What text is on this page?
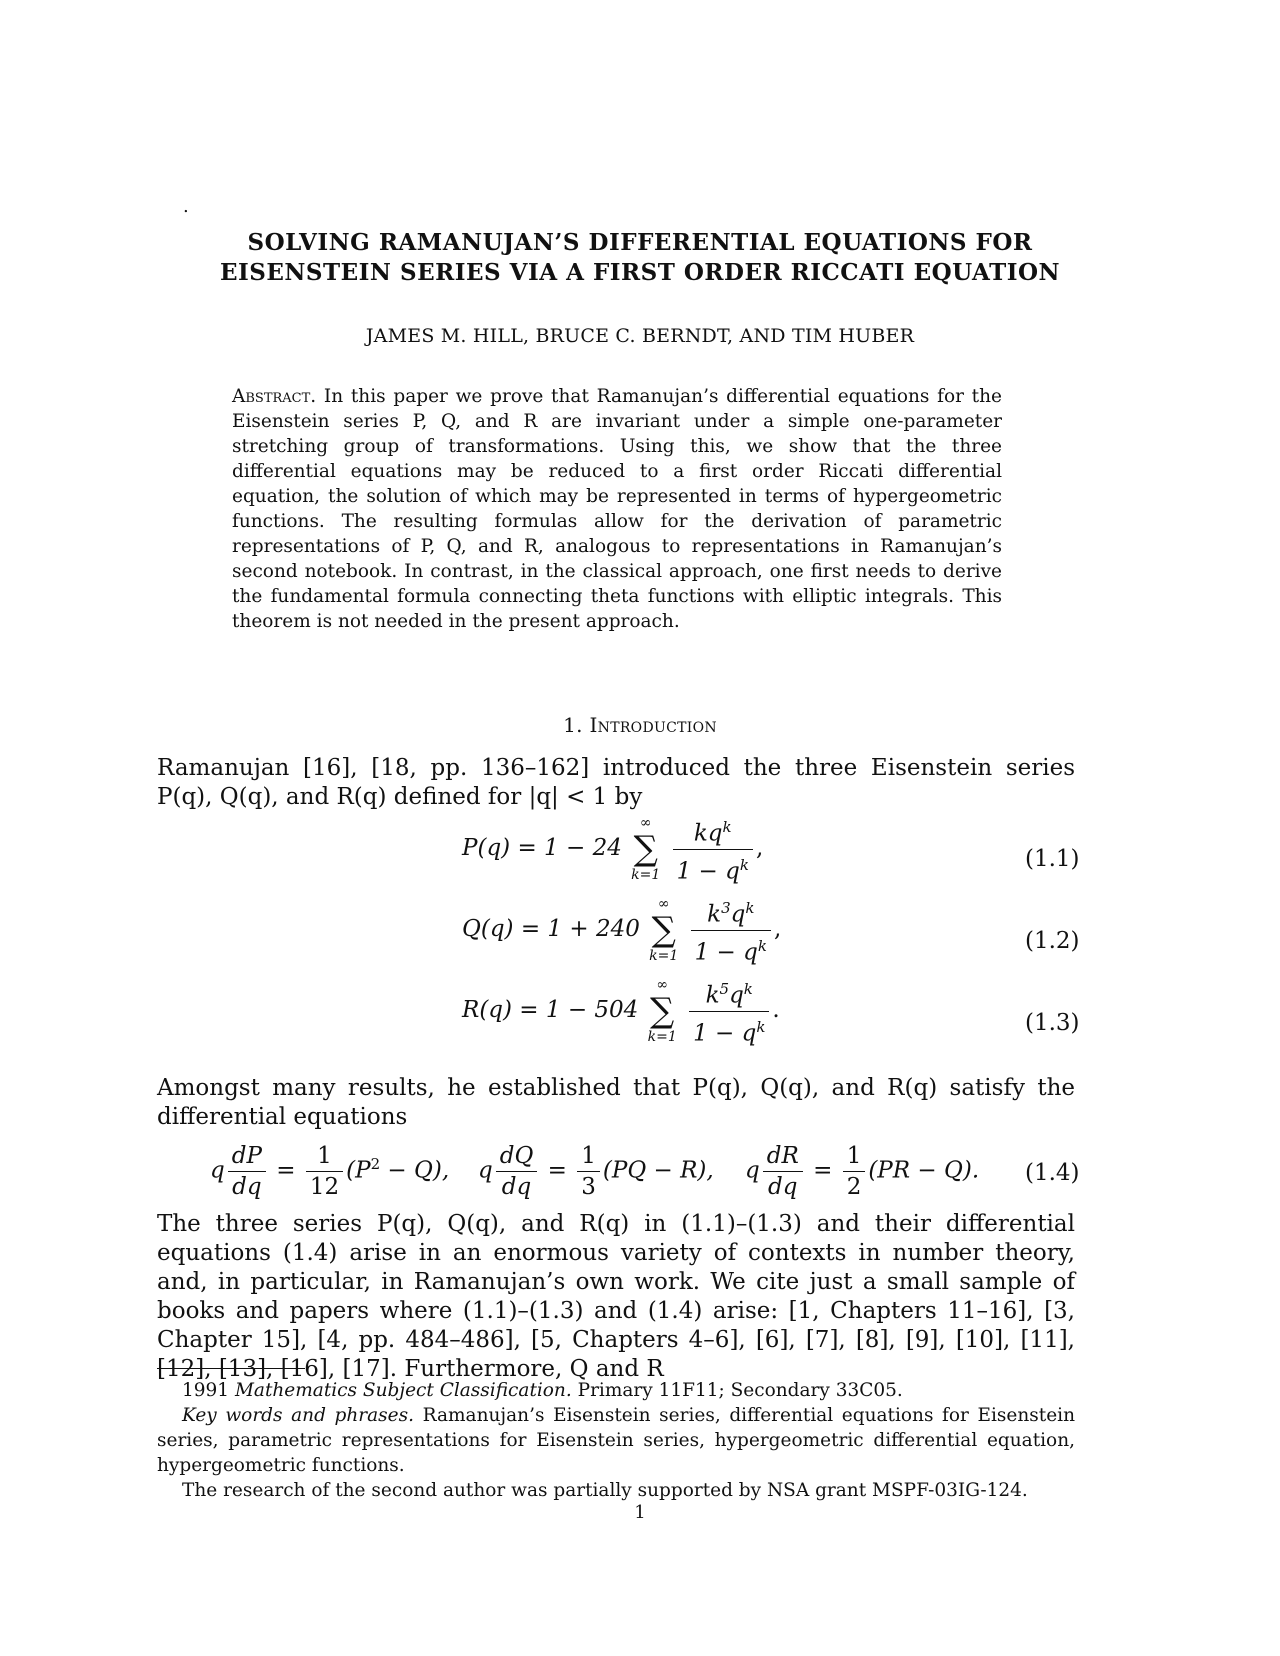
.
SOLVING RAMANUJAN’S DIFFERENTIAL EQUATIONS FOR
EISENSTEIN SERIES VIA A FIRST ORDER RICCATI EQUATION
JAMES M. HILL, BRUCE C. BERNDT, AND TIM HUBER
Abstract. In this paper we prove that Ramanujan’s differential equations for the Eisenstein series P, Q, and R are invariant under a simple one-parameter stretching group of transformations. Using this, we show that the three differential equations may be reduced to a first order Riccati differential equation, the solution of which may be represented in terms of hypergeometric functions. The resulting formulas allow for the derivation of parametric representations of P, Q, and R, analogous to representations in Ramanujan’s second notebook. In contrast, in the classical approach, one first needs to derive the fundamental formula connecting theta functions with elliptic integrals. This theorem is not needed in the present approach.
1. Introduction
Ramanujan [16], [18, pp. 136–162] introduced the three Eisenstein series P(q), Q(q), and R(q) defined for |q| < 1 by
P(q) = 1 − 24
∞
∑
k=1
$\frac{kq^k}{1 - q^k}$ ,	(1.1)
Q(q) = 1 + 240
∞
∑
k=1
$\frac{k^3q^k}{1 - q^k}$ ,	(1.2)
R(q) = 1 − 504
∞
∑
k=1
$\frac{k^5q^k}{1 - q^k}$ .	(1.3)
Amongst many results, he established that P(q), Q(q), and R(q) satisfy the differential equations
q $\frac{dP}{dq} = \frac{1}{12} (P^2 - Q)$, q $\frac{dQ}{dq} = \frac{1}{3} (PQ - R)$, q $\frac{dR}{dq} = \frac{1}{2} (PR - Q)$. (1.4)
The three series P(q), Q(q), and R(q) in (1.1)–(1.3) and their differential equations (1.4) arise in an enormous variety of contexts in number theory, and, in particular, in Ramanujan’s own work. We cite just a small sample of books and papers where (1.1)–(1.3) and (1.4) arise: [1, Chapters 11–16], [3, Chapter 15], [4, pp. 484–486], [5, Chapters 4–6], [6], [7], [8], [9], [10], [11], [12], [13], [16], [17]. Furthermore, Q and R

1991 Mathematics Subject Classification. Primary 11F11; Secondary 33C05.

Key words and phrases. Ramanujan’s Eisenstein series, differential equations for Eisenstein series, parametric representations for Eisenstein series, hypergeometric differential equation, hypergeometric functions.

The research of the second author was partially supported by NSA grant MSPF-03IG-124.

1
